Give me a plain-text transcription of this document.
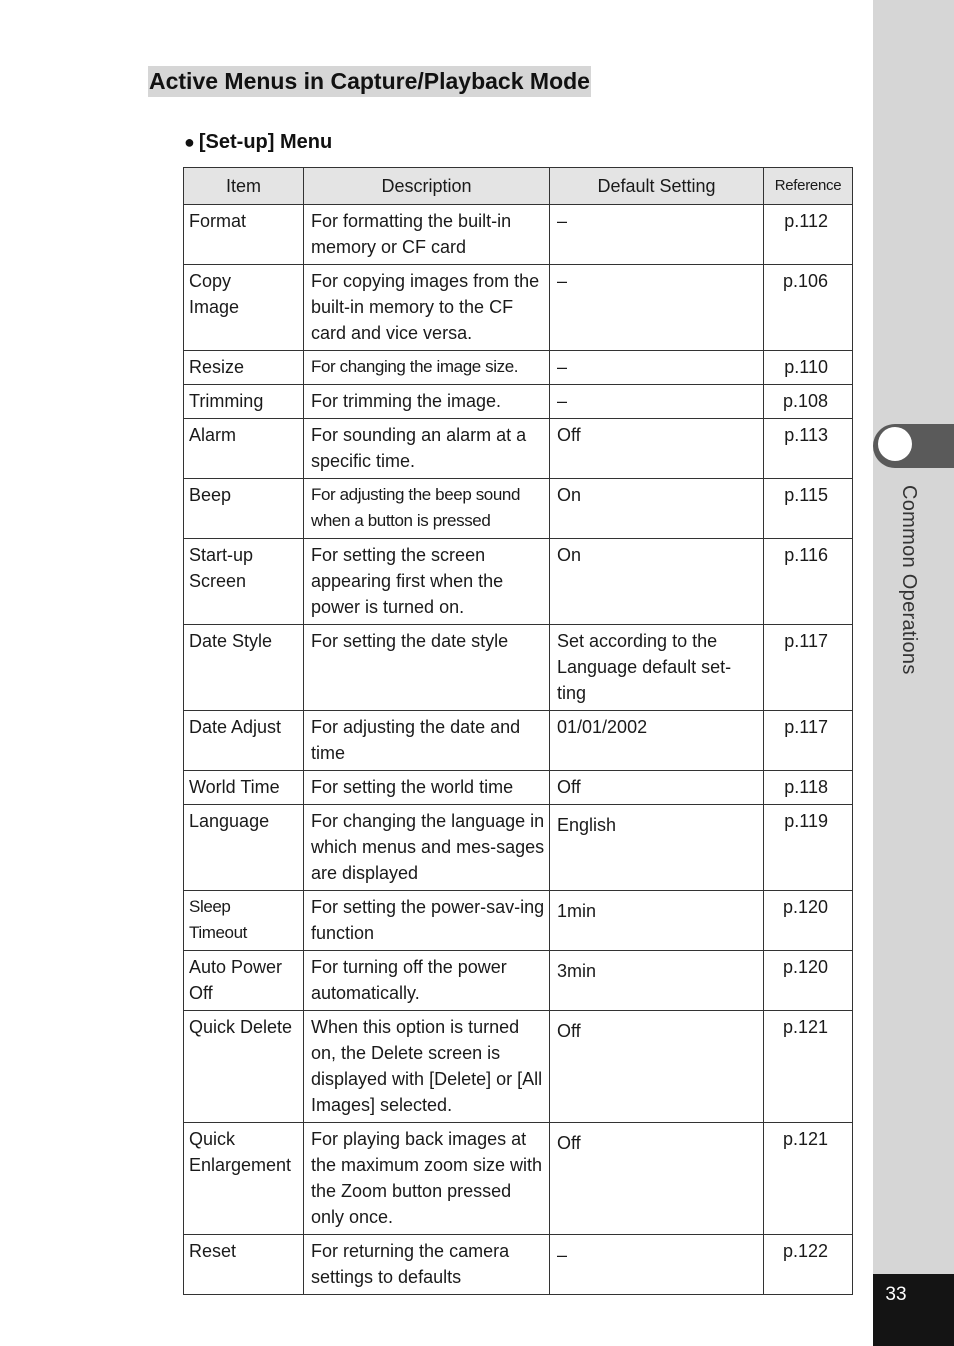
Common Operations
33
Active Menus in Capture/Playback Mode
● [Set-up] Menu
Item	Description	Default Setting	Reference
Format	For formatting the built-in memory or CF card	–	p.112
Copy Image	For copying images from the built-in memory to the CF card and vice versa.	–	p.106
Resize	For changing the image size.	–	p.110
Trimming	For trimming the image.	–	p.108
Alarm	For sounding an alarm at a specific time.	Off	p.113
Beep	For adjusting the beep sound when a button is pressed	On	p.115
Start-up Screen	For setting the screen appearing first when the power is turned on.	On	p.116
Date Style	For setting the date style	Set according to the Language default set-ting	p.117
Date Adjust	For adjusting the date and time	01/01/2002	p.117
World Time	For setting the world time	Off	p.118
Language	For changing the language in which menus and mes-sages are displayed	English	p.119
Sleep Timeout	For setting the power-sav-ing function	1min	p.120
Auto Power Off	For turning off the power automatically.	3min	p.120
Quick Delete	When this option is turned on, the Delete screen is displayed with [Delete] or [All Images] selected.	Off	p.121
Quick Enlargement	For playing back images at the maximum zoom size with the Zoom button pressed only once.	Off	p.121
Reset	For returning the camera settings to defaults	–	p.122
